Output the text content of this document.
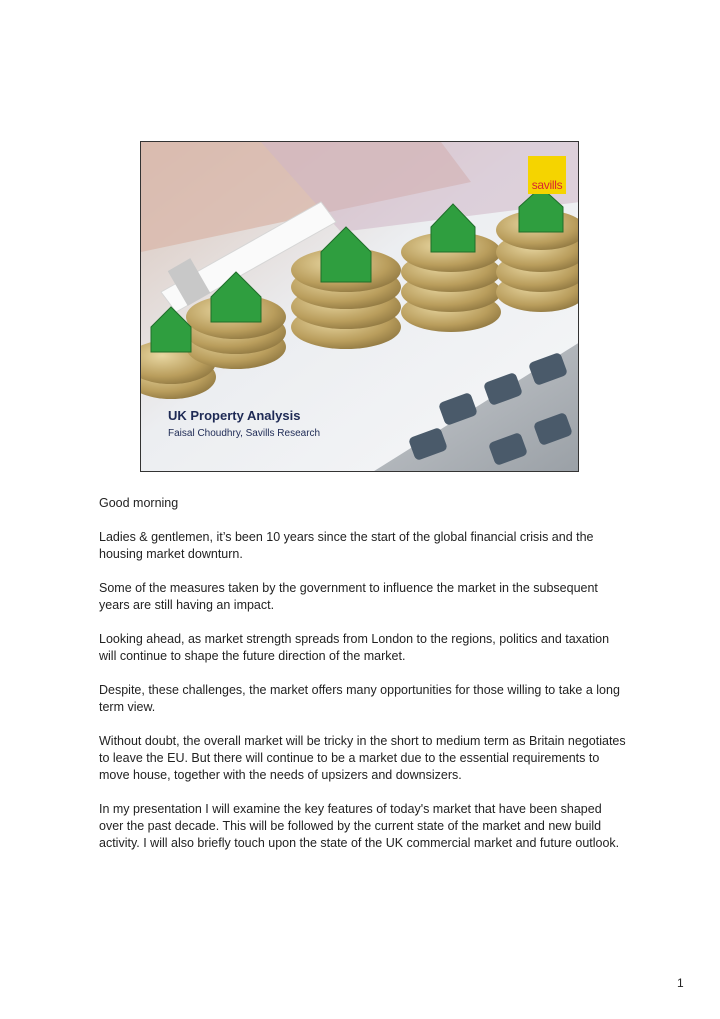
savills
UK Property Analysis
Faisal Choudhry, Savills Research

Good morning

Ladies & gentlemen, it’s been 10 years since the start of the global financial crisis and the housing market downturn.

Some of the measures taken by the government to influence the market in the subsequent years are still having an impact.

Looking ahead, as market strength spreads from London to the regions, politics and taxation will continue to shape the future direction of the market.

Despite, these challenges, the market offers many opportunities for those willing to take a long term view.

Without doubt, the overall market will be tricky in the short to medium term as Britain negotiates to leave the EU. But there will continue to be a market due to the essential requirements to move house, together with the needs of upsizers and downsizers.

In my presentation I will examine the key features of today's market that have been shaped over the past decade. This will be followed by the current state of the market and new build activity. I will also briefly touch upon the state of the UK commercial market and future outlook.

1
